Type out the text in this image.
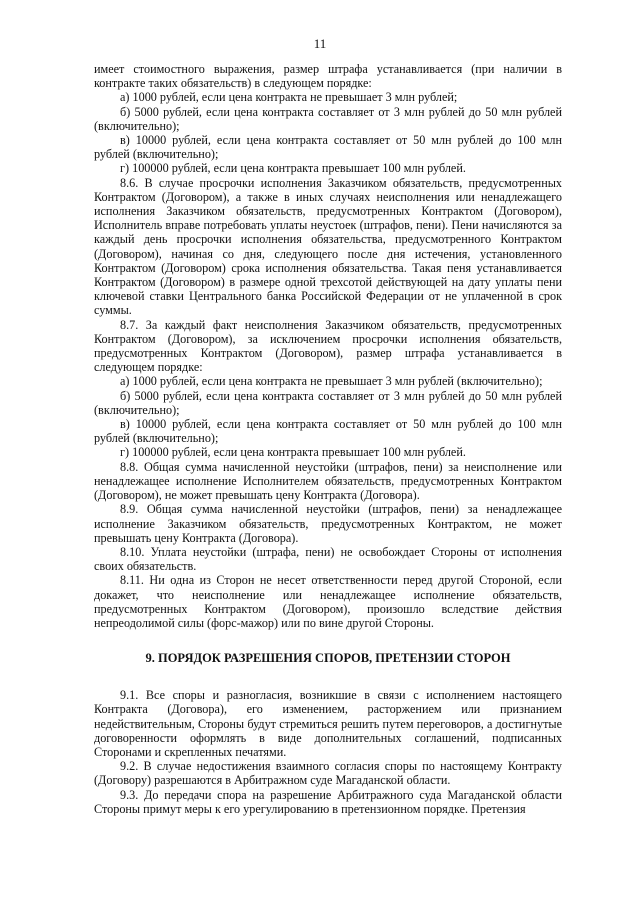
11

имеет стоимостного выражения, размер штрафа устанавливается (при наличии в контракте таких обязательств) в следующем порядке:

а) 1000 рублей, если цена контракта не превышает 3 млн рублей;

б) 5000 рублей, если цена контракта составляет от 3 млн рублей до 50 млн рублей (включительно);

в) 10000 рублей, если цена контракта составляет от 50 млн рублей до 100 млн рублей (включительно);

г) 100000 рублей, если цена контракта превышает 100 млн рублей.

8.6. В случае просрочки исполнения Заказчиком обязательств, предусмотренных Контрактом (Договором), а также в иных случаях неисполнения или ненадлежащего исполнения Заказчиком обязательств, предусмотренных Контрактом (Договором), Исполнитель вправе потребовать уплаты неустоек (штрафов, пени). Пени начисляются за каждый день просрочки исполнения обязательства, предусмотренного Контрактом (Договором), начиная со дня, следующего после дня истечения, установленного Контрактом (Договором) срока исполнения обязательства. Такая пеня устанавливается Контрактом (Договором) в размере одной трехсотой действующей на дату уплаты пени ключевой ставки Центрального банка Российской Федерации от не уплаченной в срок суммы.

8.7. За каждый факт неисполнения Заказчиком обязательств, предусмотренных Контрактом (Договором), за исключением просрочки исполнения обязательств, предусмотренных Контрактом (Договором), размер штрафа устанавливается в следующем порядке:

а) 1000 рублей, если цена контракта не превышает 3 млн рублей (включительно);

б) 5000 рублей, если цена контракта составляет от 3 млн рублей до 50 млн рублей (включительно);

в) 10000 рублей, если цена контракта составляет от 50 млн рублей до 100 млн рублей (включительно);

г) 100000 рублей, если цена контракта превышает 100 млн рублей.

8.8. Общая сумма начисленной неустойки (штрафов, пени) за неисполнение или ненадлежащее исполнение Исполнителем обязательств, предусмотренных Контрактом (Договором), не может превышать цену Контракта (Договора).

8.9. Общая сумма начисленной неустойки (штрафов, пени) за ненадлежащее исполнение Заказчиком обязательств, предусмотренных Контрактом, не может превышать цену Контракта (Договора).

8.10. Уплата неустойки (штрафа, пени) не освобождает Стороны от исполнения своих обязательств.

8.11. Ни одна из Сторон не несет ответственности перед другой Стороной, если докажет, что неисполнение или ненадлежащее исполнение обязательств, предусмотренных Контрактом (Договором), произошло вследствие действия непреодолимой силы (форс-мажор) или по вине другой Стороны.

9. ПОРЯДОК РАЗРЕШЕНИЯ СПОРОВ, ПРЕТЕНЗИИ СТОРОН

9.1. Все споры и разногласия, возникшие в связи с исполнением настоящего Контракта (Договора), его изменением, расторжением или признанием недействительным, Стороны будут стремиться решить путем переговоров, а достигнутые договоренности оформлять в виде дополнительных соглашений, подписанных Сторонами и скрепленных печатями.

9.2. В случае недостижения взаимного согласия споры по настоящему Контракту (Договору) разрешаются в Арбитражном суде Магаданской области.

9.3. До передачи спора на разрешение Арбитражного суда Магаданской области Стороны примут меры к его урегулированию в претензионном порядке. Претензия
